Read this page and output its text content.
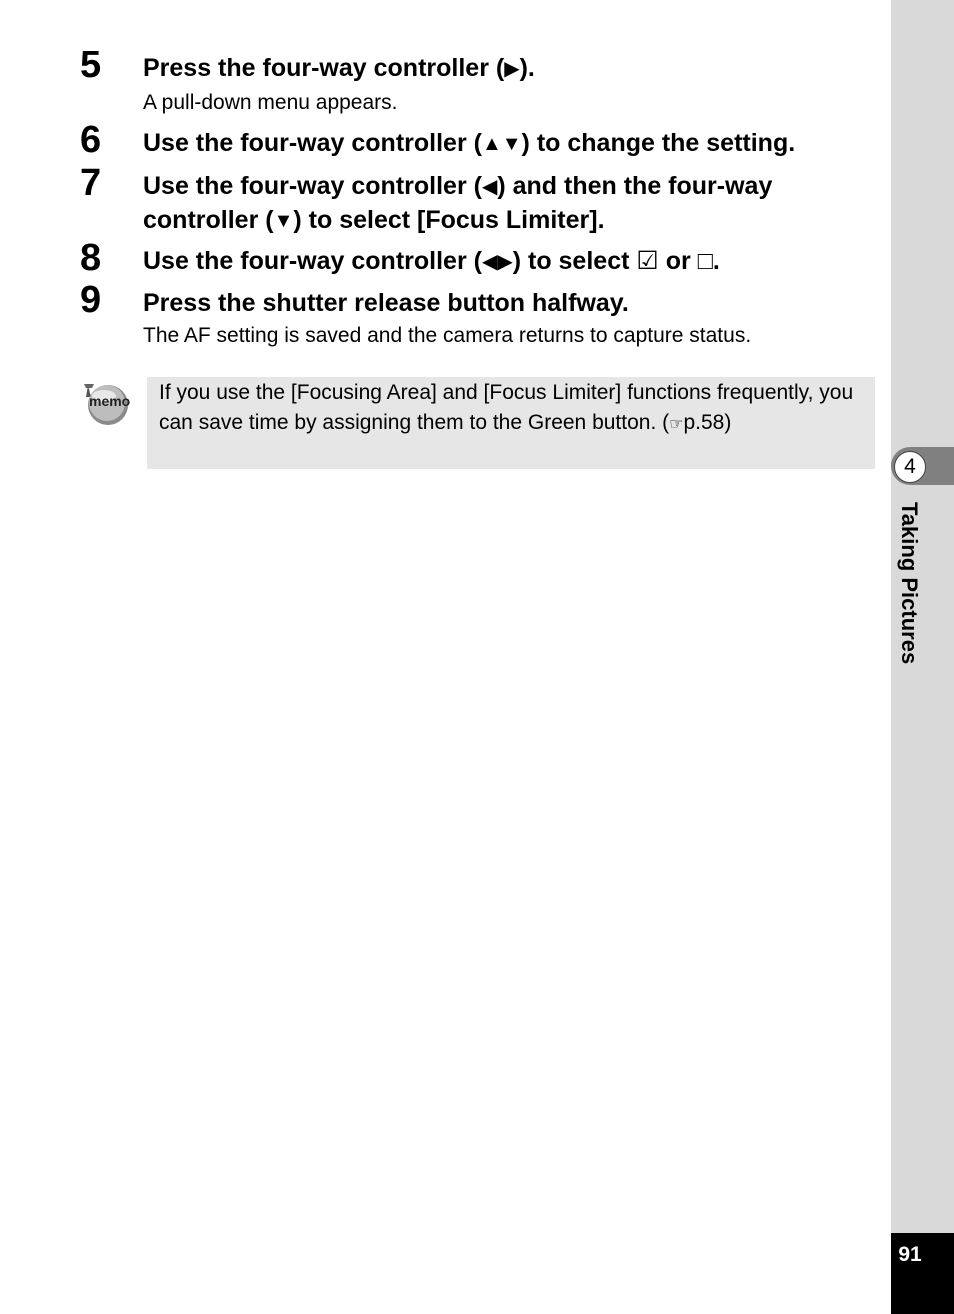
5 Press the four-way controller (▶).
A pull-down menu appears.
6 Use the four-way controller (▲▼) to change the setting.
7 Use the four-way controller (◀) and then the four-way
controller (▼) to select [Focus Limiter].
8 Use the four-way controller (◀▶) to select ☑ or □.
9 Press the shutter release button halfway.
The AF setting is saved and the camera returns to capture status.
memo If you use the [Focusing Area] and [Focus Limiter] functions frequently, you can save time by assigning them to the Green button. (☞p.58)
4
Taking Pictures
91
